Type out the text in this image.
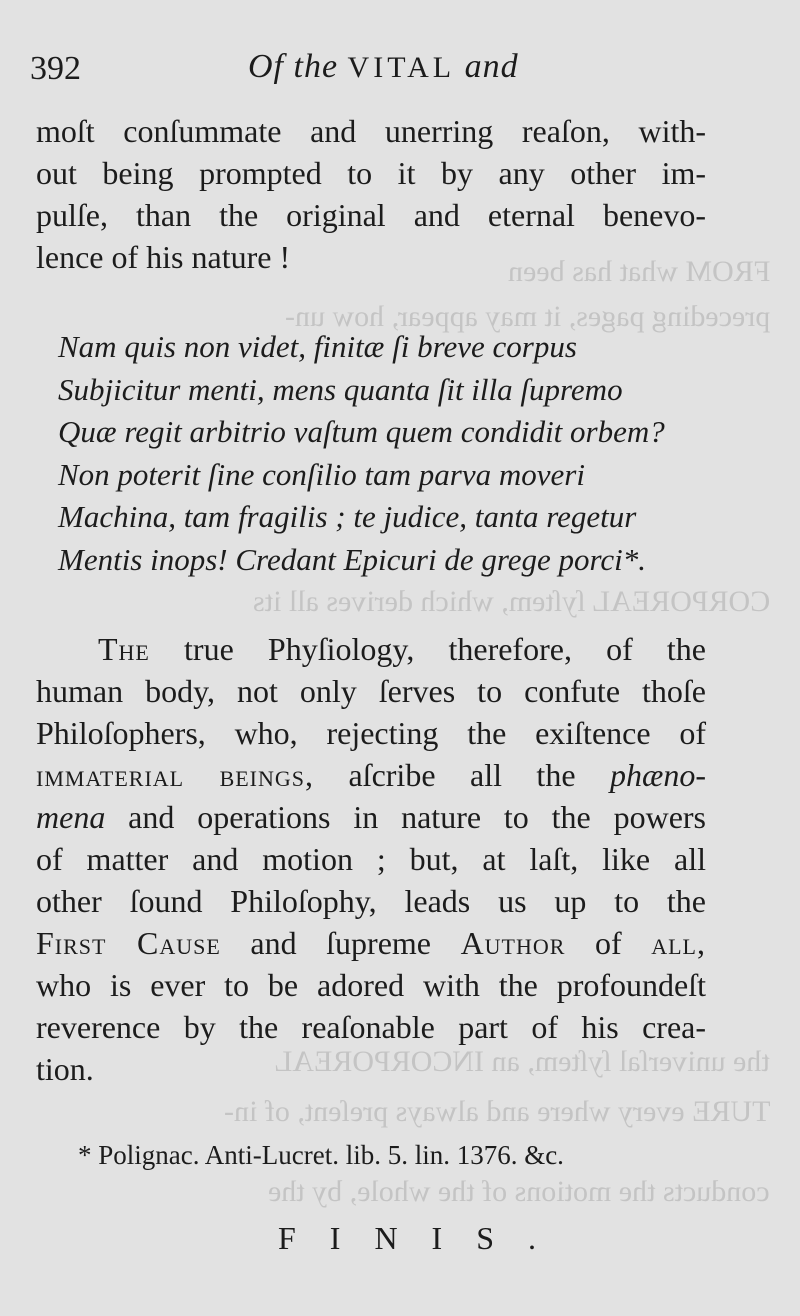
FROM what has been
preceding pages, it may appear, how un-
CORPOREAL ſyſtem, which derives all its
the univerſal ſyſtem, an INCORPOREAL
TURE every where and always preſent, of in-
conducts the motions of the whole, by the
392	Of the VITAL and

moſt conſummate and unerring reaſon, with-
out being prompted to it by any other im-
pulſe, than the original and eternal benevo-
lence of his nature !

Nam quis non videt, finitæ ſi breve corpus
Subjicitur menti, mens quanta ſit illa ſupremo
Quæ regit arbitrio vaſtum quem condidit orbem?
Non poterit ſine conſilio tam parva moveri
Machina, tam fragilis ; te judice, tanta regetur
Mentis inops! Credant Epicuri de grege porci*.

The true Phyſiology, therefore, of the
human body, not only ſerves to confute thoſe
Philoſophers, who, rejecting the exiſtence of
immaterial beings, aſcribe all the phæno-
mena and operations in nature to the powers
of matter and motion ; but, at laſt, like all
other ſound Philoſophy, leads us up to the
First Cause and ſupreme Author of all,
who is ever to be adored with the profoundeſt
reverence by the reaſonable part of his crea-
tion.

* Polignac. Anti-Lucret. lib. 5. lin. 1376. &c.
FINIS.
